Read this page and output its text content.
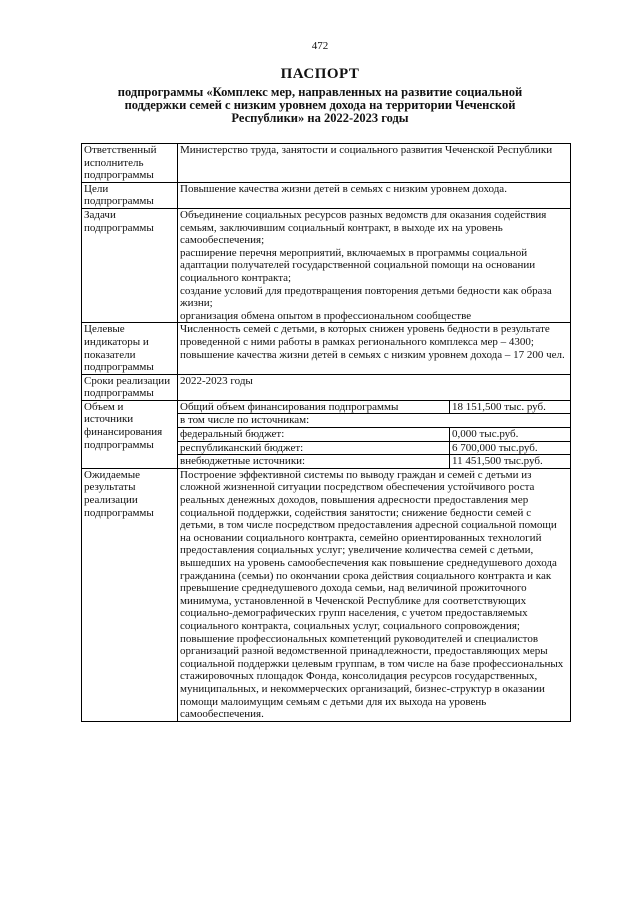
472
ПАСПОРТ
подпрограммы «Комплекс мер, направленных на развитие социальной поддержки семей с низким уровнем дохода на территории Чеченской Республики» на 2022-2023 годы
Ответственный исполнитель подпрограммы	Министерство труда, занятости и социального развития Чеченской Республики
Цели подпрограммы	Повышение качества жизни детей в семьях с низким уровнем дохода.
Задачи подпрограммы	Объединение социальных ресурсов разных ведомств для оказания содействия семьям, заключившим социальный контракт, в выходе их на уровень самообеспечения;
расширение перечня мероприятий, включаемых в программы социальной адаптации получателей государственной социальной помощи на основании социального контракта;
создание условий для предотвращения повторения детьми бедности как образа жизни;
организация обмена опытом в профессиональном сообществе
Целевые индикаторы и показатели подпрограммы	Численность семей с детьми, в которых снижен уровень бедности в результате проведенной с ними работы в рамках регионального комплекса мер – 4300;
повышение качества жизни детей в семьях с низким уровнем дохода – 17 200 чел.
Сроки реализации подпрограммы	2022-2023 годы
Объем и источники финансирования подпрограммы	
Общий объем финансирования подпрограммы	18 151,500 тыс. руб.
в том числе по источникам:
федеральный бюджет:	0,000 тыс.руб.
республиканский бюджет:	6 700,000 тыс.руб.
внебюджетные источники:	11 451,500 тыс.руб.

Ожидаемые результаты реализации подпрограммы	Построение эффективной системы по выводу граждан и семей с детьми из сложной жизненной ситуации посредством обеспечения устойчивого роста реальных денежных доходов, повышения адресности предоставления мер социальной поддержки, содействия занятости; снижение бедности семей с детьми, в том числе посредством предоставления адресной социальной помощи на основании социального контракта, семейно ориентированных технологий предоставления социальных услуг; увеличение количества семей с детьми, вышедших на уровень самообеспечения как повышение среднедушевого дохода гражданина (семьи) по окончании срока действия социального контракта и как превышение среднедушевого дохода семьи, над величиной прожиточного минимума, установленной в Чеченской Республике для соответствующих социально-демографических групп населения, с учетом предоставляемых социального контракта, социальных услуг, социального сопровождения; повышение профессиональных компетенций руководителей и специалистов организаций разной ведомственной принадлежности, предоставляющих меры социальной поддержки целевым группам, в том числе на базе профессиональных стажировочных площадок Фонда, консолидация ресурсов государственных, муниципальных, и некоммерческих организаций, бизнес-структур в оказании помощи малоимущим семьям с детьми для их выхода на уровень самообеспечения.
